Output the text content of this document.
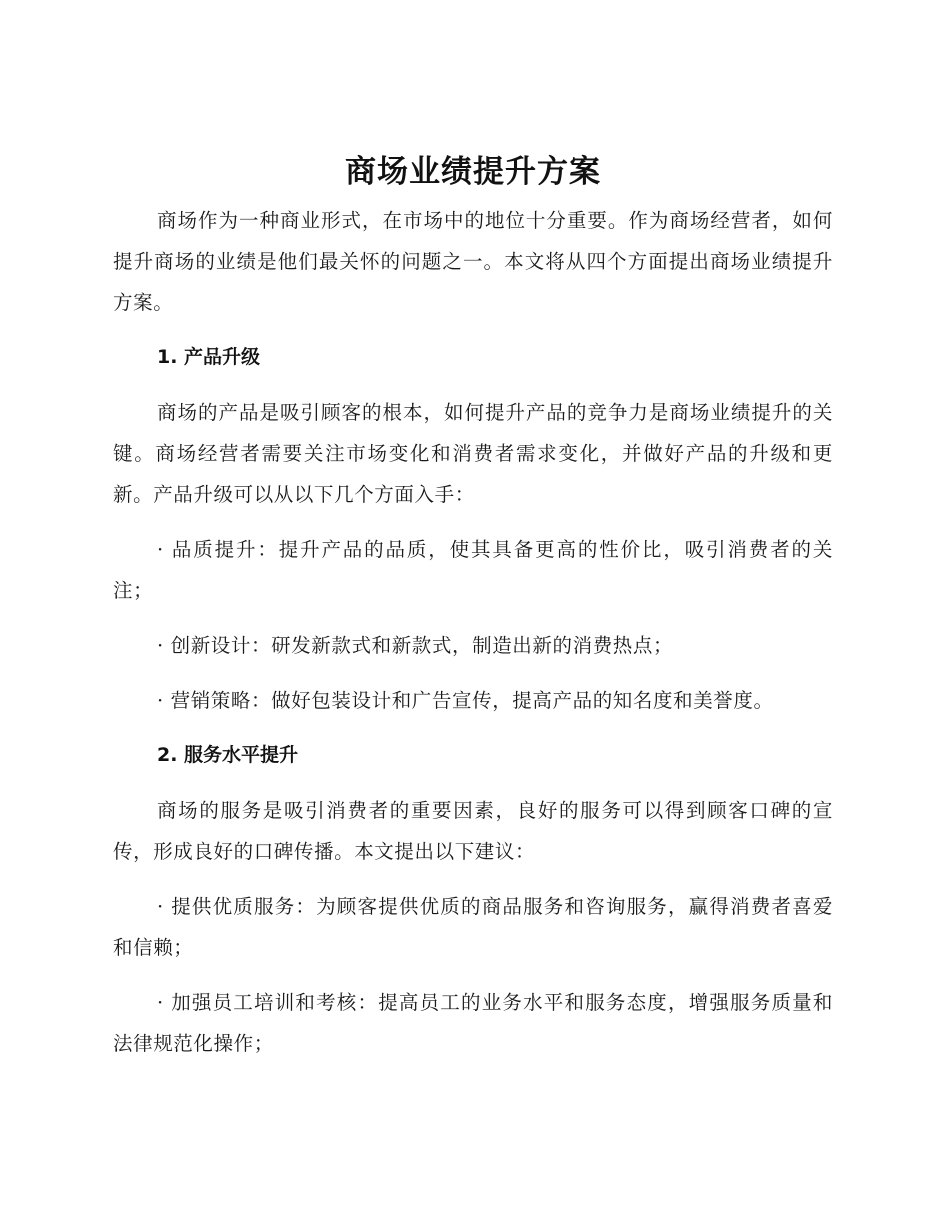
商场业绩提升方案

商场作为一种商业形式，在市场中的地位十分重要。作为商场经营者，如何提升商场的业绩是他们最关怀的问题之一。本文将从四个方面提出商场业绩提升方案。

1. 产品升级

商场的产品是吸引顾客的根本，如何提升产品的竞争力是商场业绩提升的关键。商场经营者需要关注市场变化和消费者需求变化，并做好产品的升级和更新。产品升级可以从以下几个方面入手：

· 品质提升：提升产品的品质，使其具备更高的性价比，吸引消费者的关注；

· 创新设计：研发新款式和新款式，制造出新的消费热点；

· 营销策略：做好包装设计和广告宣传，提高产品的知名度和美誉度。

2. 服务水平提升

商场的服务是吸引消费者的重要因素，良好的服务可以得到顾客口碑的宣传，形成良好的口碑传播。本文提出以下建议：

· 提供优质服务：为顾客提供优质的商品服务和咨询服务，赢得消费者喜爱和信赖；

· 加强员工培训和考核：提高员工的业务水平和服务态度，增强服务质量和法律规范化操作；
